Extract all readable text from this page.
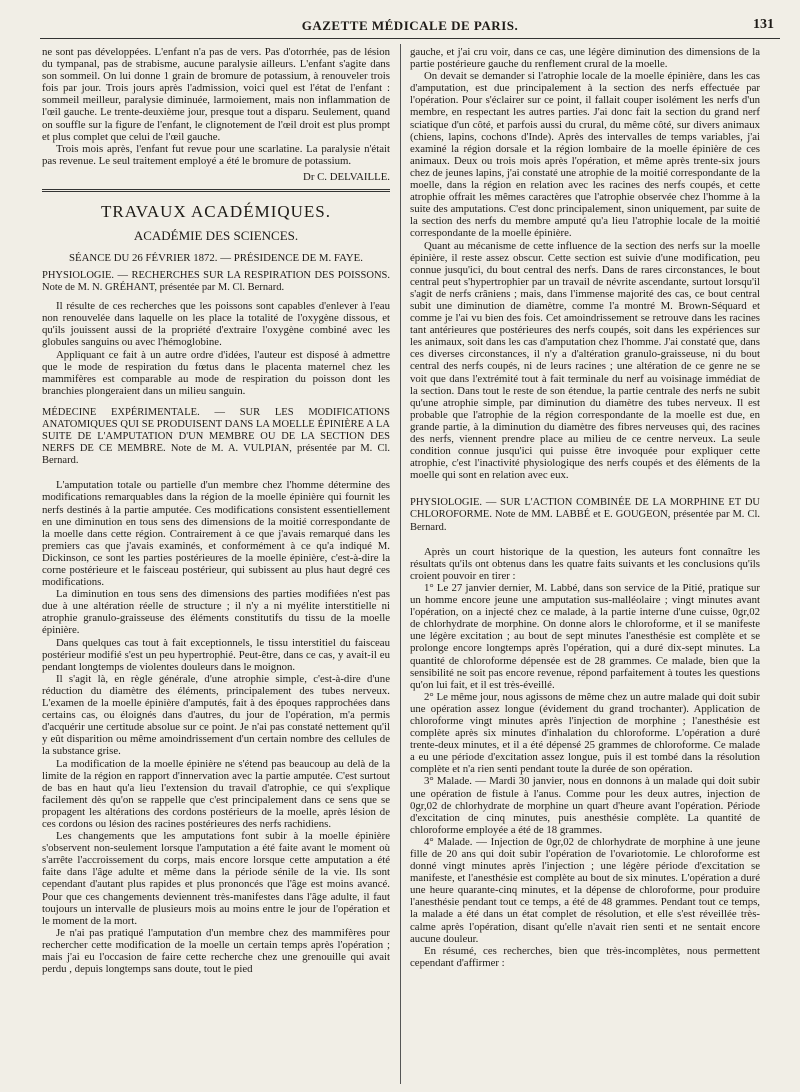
GAZETTE MÉDICALE DE PARIS.	131

ne sont pas développées. L'enfant n'a pas de vers. Pas d'otorrhée, pas de lésion du tympanal, pas de strabisme, aucune paralysie ailleurs. L'enfant s'agite dans son sommeil. On lui donne 1 grain de bromure de potassium, à renouveler trois fois par jour. Trois jours après l'admission, voici quel est l'état de l'enfant : sommeil meilleur, paralysie diminuée, larmoiement, mais non inflammation de l'œil gauche. Le trente-deuxième jour, presque tout a disparu. Seulement, quand on souffle sur la figure de l'enfant, le clignotement de l'œil droit est plus prompt et plus complet que celui de l'œil gauche.

Trois mois après, l'enfant fut revue pour une scarlatine. La paralysie n'était pas revenue. Le seul traitement employé a été le bromure de potassium.

Dr C. DELVAILLE.
TRAVAUX ACADÉMIQUES.
ACADÉMIE DES SCIENCES.
SÉANCE DU 26 FÉVRIER 1872. — PRÉSIDENCE DE M. FAYE.
PHYSIOLOGIE. — RECHERCHES SUR LA RESPIRATION DES POISSONS. Note de M. N. GRÉHANT, présentée par M. Cl. Bernard.

Il résulte de ces recherches que les poissons sont capables d'enlever à l'eau non renouvelée dans laquelle on les place la totalité de l'oxygène dissous, et qu'ils jouissent aussi de la propriété d'extraire l'oxygène combiné avec les globules sanguins ou avec l'hémoglobine.

Appliquant ce fait à un autre ordre d'idées, l'auteur est disposé à admettre que le mode de respiration du fœtus dans le placenta maternel chez les mammifères est comparable au mode de respiration du poisson dont les branchies plongeraient dans un milieu sanguin.

MÉDECINE EXPÉRIMENTALE. — SUR LES MODIFICATIONS ANATOMIQUES QUI SE PRODUISENT DANS LA MOELLE ÉPINIÈRE A LA SUITE DE L'AMPUTATION D'UN MEMBRE OU DE LA SECTION DES NERFS DE CE MEMBRE. Note de M. A. VULPIAN, présentée par M. Cl. Bernard.

L'amputation totale ou partielle d'un membre chez l'homme détermine des modifications remarquables dans la région de la moelle épinière qui fournit les nerfs destinés à la partie amputée. Ces modifications consistent essentiellement en une diminution en tous sens des dimensions de la moitié correspondante de la moelle dans cette région. Contrairement à ce que j'avais remarqué dans les premiers cas que j'avais examinés, et conformément à ce qu'a indiqué M. Dickinson, ce sont les parties postérieures de la moelle épinière, c'est-à-dire la corne postérieure et le faisceau postérieur, qui subissent au plus haut degré ces modifications.

La diminution en tous sens des dimensions des parties modifiées n'est pas due à une altération réelle de structure ; il n'y a ni myélite interstitielle ni atrophie granulo-graisseuse des éléments constitutifs du tissu de la moelle épinière.

Dans quelques cas tout à fait exceptionnels, le tissu interstitiel du faisceau postérieur modifié s'est un peu hypertrophié. Peut-être, dans ce cas, y avait-il eu pendant longtemps de violentes douleurs dans le moignon.

Il s'agit là, en règle générale, d'une atrophie simple, c'est-à-dire d'une réduction du diamètre des éléments, principalement des tubes nerveux. L'examen de la moelle épinière d'amputés, fait à des époques rapprochées dans certains cas, ou éloignés dans d'autres, du jour de l'opération, m'a permis d'acquérir une certitude absolue sur ce point. Je n'ai pas constaté nettement qu'il y eût disparition ou même amoindrissement d'un certain nombre des cellules de la substance grise.

La modification de la moelle épinière ne s'étend pas beaucoup au delà de la limite de la région en rapport d'innervation avec la partie amputée. C'est surtout de bas en haut qu'a lieu l'extension du travail d'atrophie, ce qui s'explique facilement dès qu'on se rappelle que c'est principalement dans ce sens que se propagent les altérations des cordons postérieurs de la moelle, après lésion de ces cordons ou lésion des racines postérieures des nerfs rachidiens.

Les changements que les amputations font subir à la moelle épinière s'observent non-seulement lorsque l'amputation a été faite avant le moment où s'arrête l'accroissement du corps, mais encore lorsque cette amputation a été faite dans l'âge adulte et même dans la période sénile de la vie. Ils sont cependant d'autant plus rapides et plus prononcés que l'âge est moins avancé. Pour que ces changements deviennent très-manifestes dans l'âge adulte, il faut toujours un intervalle de plusieurs mois au moins entre le jour de l'opération et le moment de la mort.

Je n'ai pas pratiqué l'amputation d'un membre chez des mammifères pour rechercher cette modification de la moelle un certain temps après l'opération ; mais j'ai eu l'occasion de faire cette recherche chez une grenouille qui avait perdu , depuis longtemps sans doute, tout le pied

gauche, et j'ai cru voir, dans ce cas, une légère diminution des dimensions de la partie postérieure gauche du renflement crural de la moelle.

On devait se demander si l'atrophie locale de la moelle épinière, dans les cas d'amputation, est due principalement à la section des nerfs effectuée par l'opération. Pour s'éclairer sur ce point, il fallait couper isolément les nerfs d'un membre, en respectant les autres parties. J'ai donc fait la section du grand nerf sciatique d'un côté, et parfois aussi du crural, du même côté, sur divers animaux (chiens, lapins, cochons d'Inde). Après des intervalles de temps variables, j'ai examiné la région dorsale et la région lombaire de la moelle épinière de ces animaux. Deux ou trois mois après l'opération, et même après trente-six jours chez de jeunes lapins, j'ai constaté une atrophie de la moitié correspondante de la moelle, dans la région en relation avec les racines des nerfs coupés, et cette atrophie offrait les mêmes caractères que l'atrophie observée chez l'homme à la suite des amputations. C'est donc principalement, sinon uniquement, par suite de la section des nerfs du membre amputé qu'a lieu l'atrophie locale de la moitié correspondante de la moelle épinière.

Quant au mécanisme de cette influence de la section des nerfs sur la moelle épinière, il reste assez obscur. Cette section est suivie d'une modification, peu connue jusqu'ici, du bout central des nerfs. Dans de rares circonstances, le bout central peut s'hypertrophier par un travail de névrite ascendante, surtout lorsqu'il s'agit de nerfs crâniens ; mais, dans l'immense majorité des cas, ce bout central subit une diminution de diamètre, comme l'a montré M. Brown-Séquard et comme je l'ai vu bien des fois. Cet amoindrissement se retrouve dans les racines tant antérieures que postérieures des nerfs coupés, soit dans les expériences sur les animaux, soit dans les cas d'amputation chez l'homme. J'ai constaté que, dans ces diverses circonstances, il n'y a d'altération granulo-graisseuse, ni du bout central des nerfs coupés, ni de leurs racines ; une altération de ce genre ne se voit que dans l'extrémité tout à fait terminale du nerf au voisinage immédiat de la section. Dans tout le reste de son étendue, la partie centrale des nerfs ne subit qu'une atrophie simple, par diminution du diamètre des tubes nerveux. Il est probable que l'atrophie de la région correspondante de la moelle est due, en grande partie, à la diminution du diamètre des fibres nerveuses qui, des racines des nerfs, viennent prendre place au milieu de ce centre nerveux. La seule condition connue jusqu'ici qui puisse être invoquée pour expliquer cette atrophie, c'est l'inactivité physiologique des nerfs coupés et des éléments de la moelle qui sont en relation avec eux.

PHYSIOLOGIE. — SUR L'ACTION COMBINÉE DE LA MORPHINE ET DU CHLOROFORME. Note de MM. LABBÉ et E. GOUGEON, présentée par M. Cl. Bernard.

Après un court historique de la question, les auteurs font connaître les résultats qu'ils ont obtenus dans les quatre faits suivants et les conclusions qu'ils croient pouvoir en tirer :

1° Le 27 janvier dernier, M. Labbé, dans son service de la Pitié, pratique sur un homme encore jeune une amputation sus-malléolaire ; vingt minutes avant l'opération, on a injecté chez ce malade, à la partie interne d'une cuisse, 0gr,02 de chlorhydrate de morphine. On donne alors le chloroforme, et il se manifeste une légère excitation ; au bout de sept minutes l'anesthésie est complète et se prolonge encore longtemps après l'opération, qui a duré dix-sept minutes. La quantité de chloroforme dépensée est de 28 grammes. Ce malade, bien que la sensibilité ne soit pas encore revenue, répond parfaitement à toutes les questions qu'on lui fait, et il est très-éveillé.

2° Le même jour, nous agissons de même chez un autre malade qui doit subir une opération assez longue (évidement du grand trochanter). Application de chloroforme vingt minutes après l'injection de morphine ; l'anesthésie est complète après six minutes d'inhalation du chloroforme. L'opération a duré trente-deux minutes, et il a été dépensé 25 grammes de chloroforme. Ce malade a eu une période d'excitation assez longue, puis il est tombé dans la résolution complète et n'a rien senti pendant toute la durée de son opération.

3° Malade. — Mardi 30 janvier, nous en donnons à un malade qui doit subir une opération de fistule à l'anus. Comme pour les deux autres, injection de 0gr,02 de chlorhydrate de morphine un quart d'heure avant l'opération. Période d'excitation de cinq minutes, puis anesthésie complète. La quantité de chloroforme employée a été de 18 grammes.

4° Malade. — Injection de 0gr,02 de chlorhydrate de morphine à une jeune fille de 20 ans qui doit subir l'opération de l'ovariotomie. Le chloroforme est donné vingt minutes après l'injection ; une légère période d'excitation se manifeste, et l'anesthésie est complète au bout de six minutes. L'opération a duré une heure quarante-cinq minutes, et la dépense de chloroforme, pour produire l'anesthésie pendant tout ce temps, a été de 48 grammes. Pendant tout ce temps, la malade a été dans un état complet de résolution, et elle s'est réveillée très-calme après l'opération, disant qu'elle n'avait rien senti et ne sentait encore aucune douleur.

En résumé, ces recherches, bien que très-incomplètes, nous permettent cependant d'affirmer :
